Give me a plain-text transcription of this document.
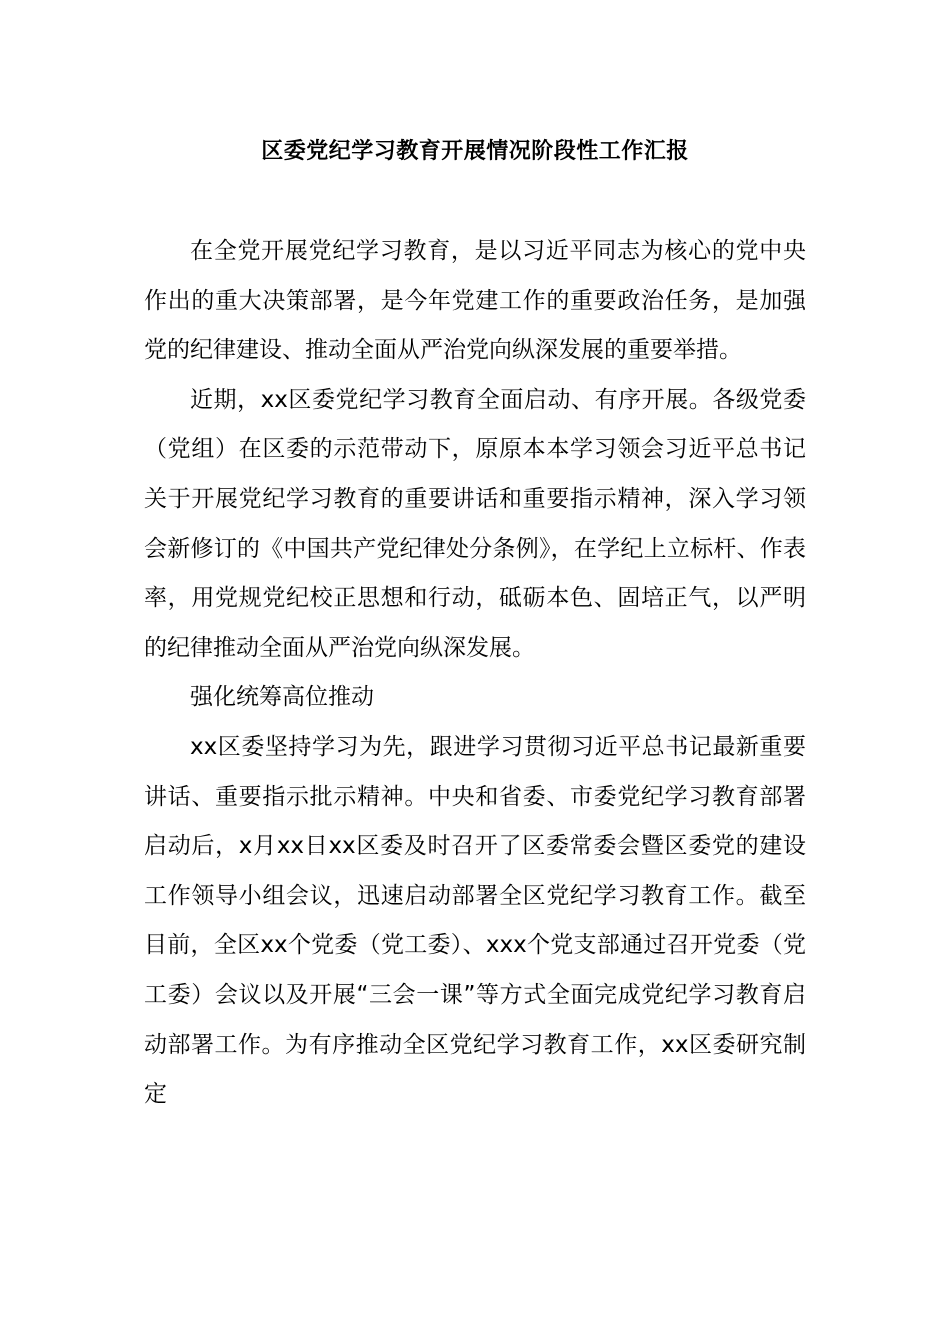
区委党纪学习教育开展情况阶段性工作汇报

在全党开展党纪学习教育，是以习近平同志为核心的党中央作出的重大决策部署，是今年党建工作的重要政治任务，是加强党的纪律建设、推动全面从严治党向纵深发展的重要举措。

近期，xx区委党纪学习教育全面启动、有序开展。各级党委（党组）在区委的示范带动下，原原本本学习领会习近平总书记关于开展党纪学习教育的重要讲话和重要指示精神，深入学习领会新修订的《中国共产党纪律处分条例》，在学纪上立标杆、作表率，用党规党纪校正思想和行动，砥砺本色、固培正气，以严明的纪律推动全面从严治党向纵深发展。

强化统筹高位推动

xx区委坚持学习为先，跟进学习贯彻习近平总书记最新重要讲话、重要指示批示精神。中央和省委、市委党纪学习教育部署启动后，x月xx日xx区委及时召开了区委常委会暨区委党的建设工作领导小组会议，迅速启动部署全区党纪学习教育工作。截至目前，全区xx个党委（党工委）、xxx个党支部通过召开党委（党工委）会议以及开展“三会一课”等方式全面完成党纪学习教育启动部署工作。为有序推动全区党纪学习教育工作，xx区委研究制定
